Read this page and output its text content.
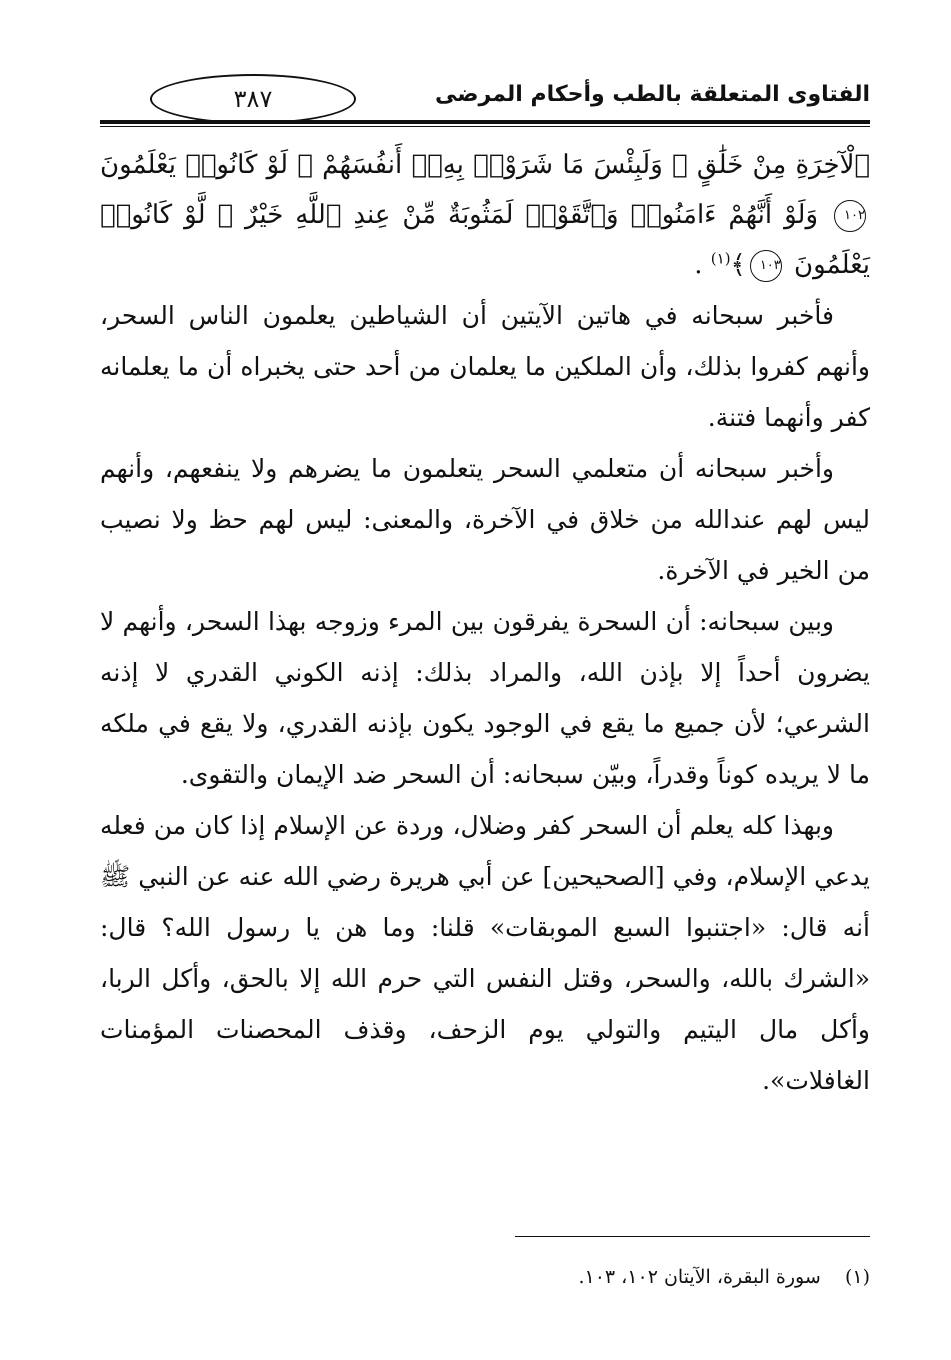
الفتاوى المتعلقة بالطب وأحكام المرضى
٣٨٧

ٱلْآخِرَةِ مِنْ خَلَٰقٍ ۚ وَلَبِئْسَ مَا شَرَوْا۟ بِهِۦٓ أَنفُسَهُمْ ۚ لَوْ كَانُوا۟ يَعْلَمُونَ ١٠٢ وَلَوْ أَنَّهُمْ ءَامَنُوا۟ وَٱتَّقَوْا۟ لَمَثُوبَةٌ مِّنْ عِندِ ٱللَّهِ خَيْرٌ ۖ لَّوْ كَانُوا۟ يَعْلَمُونَ ١٠٣﴾$^{(١)}$ .

فأخبر سبحانه في هاتين الآيتين أن الشياطين يعلمون الناس السحر، وأنهم كفروا بذلك، وأن الملكين ما يعلمان من أحد حتى يخبراه أن ما يعلمانه كفر وأنهما فتنة.

وأخبر سبحانه أن متعلمي السحر يتعلمون ما يضرهم ولا ينفعهم، وأنهم ليس لهم عندالله من خلاق في الآخرة، والمعنى: ليس لهم حظ ولا نصيب من الخير في الآخرة.

وبين سبحانه: أن السحرة يفرقون بين المرء وزوجه بهذا السحر، وأنهم لا يضرون أحداً إلا بإذن الله، والمراد بذلك: إذنه الكوني القدري لا إذنه الشرعي؛ لأن جميع ما يقع في الوجود يكون بإذنه القدري، ولا يقع في ملكه ما لا يريده كوناً وقدراً، وبيّن سبحانه: أن السحر ضد الإيمان والتقوى.

وبهذا كله يعلم أن السحر كفر وضلال، وردة عن الإسلام إذا كان من فعله يدعي الإسلام، وفي [الصحيحين] عن أبي هريرة رضي الله عنه عن النبي ﷺ أنه قال: «اجتنبوا السبع الموبقات» قلنا: وما هن يا رسول الله؟ قال: «الشرك بالله، والسحر، وقتل النفس التي حرم الله إلا بالحق، وأكل الربا، وأكل مال اليتيم والتولي يوم الزحف، وقذف المحصنات المؤمنات الغافلات».

(١)    سورة البقرة، الآيتان ١٠٢، ١٠٣.
